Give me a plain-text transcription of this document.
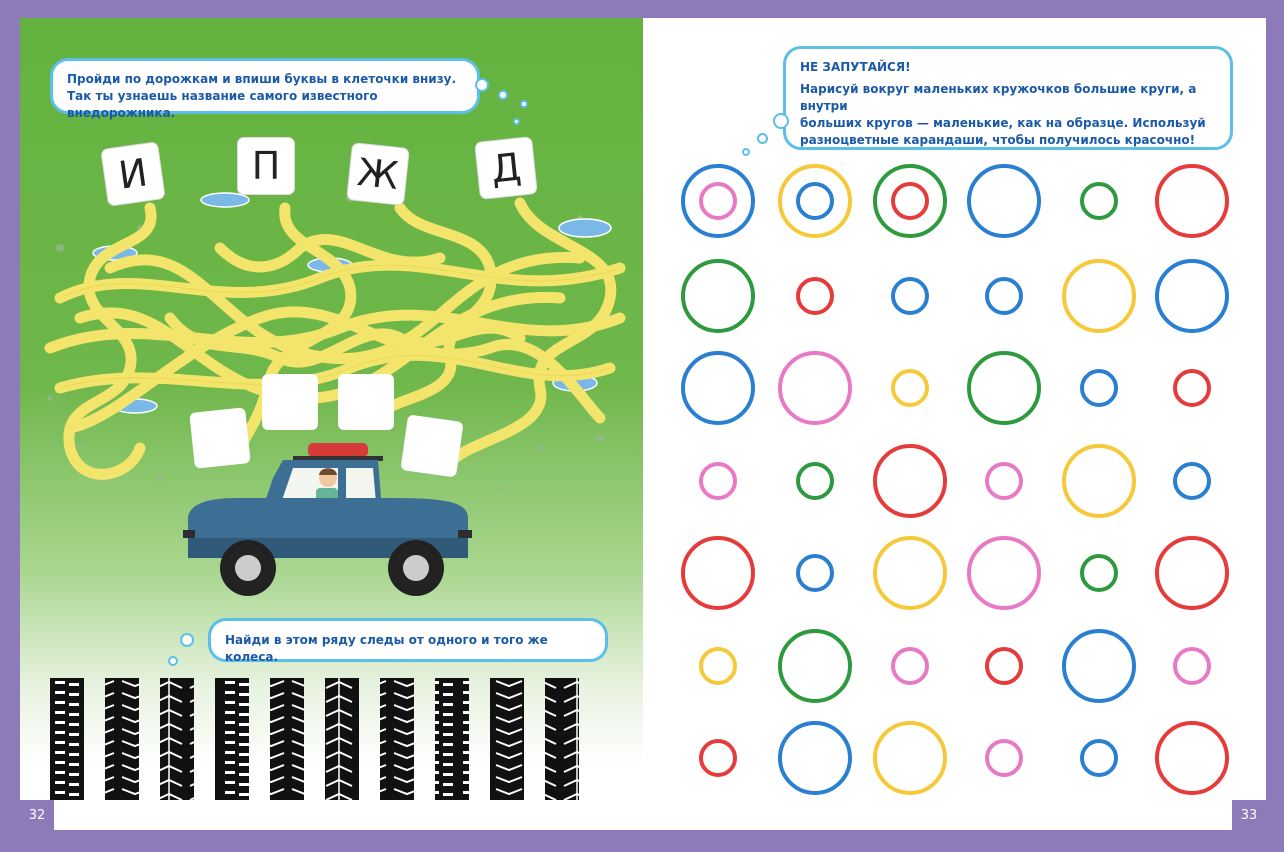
Пройди по дорожкам и впиши буквы в клеточки внизу.
Так ты узнаешь название самого известного внедорожника.
И	П	Ж	Д
Найди в этом ряду следы от одного и того же колеса.
32
НЕ ЗАПУТАЙСЯ!
Нарисуй вокруг маленьких кружочков большие круги, а внутри
больших кругов — маленькие, как на образце. Используй
разноцветные карандаши, чтобы получилось красочно!
33
